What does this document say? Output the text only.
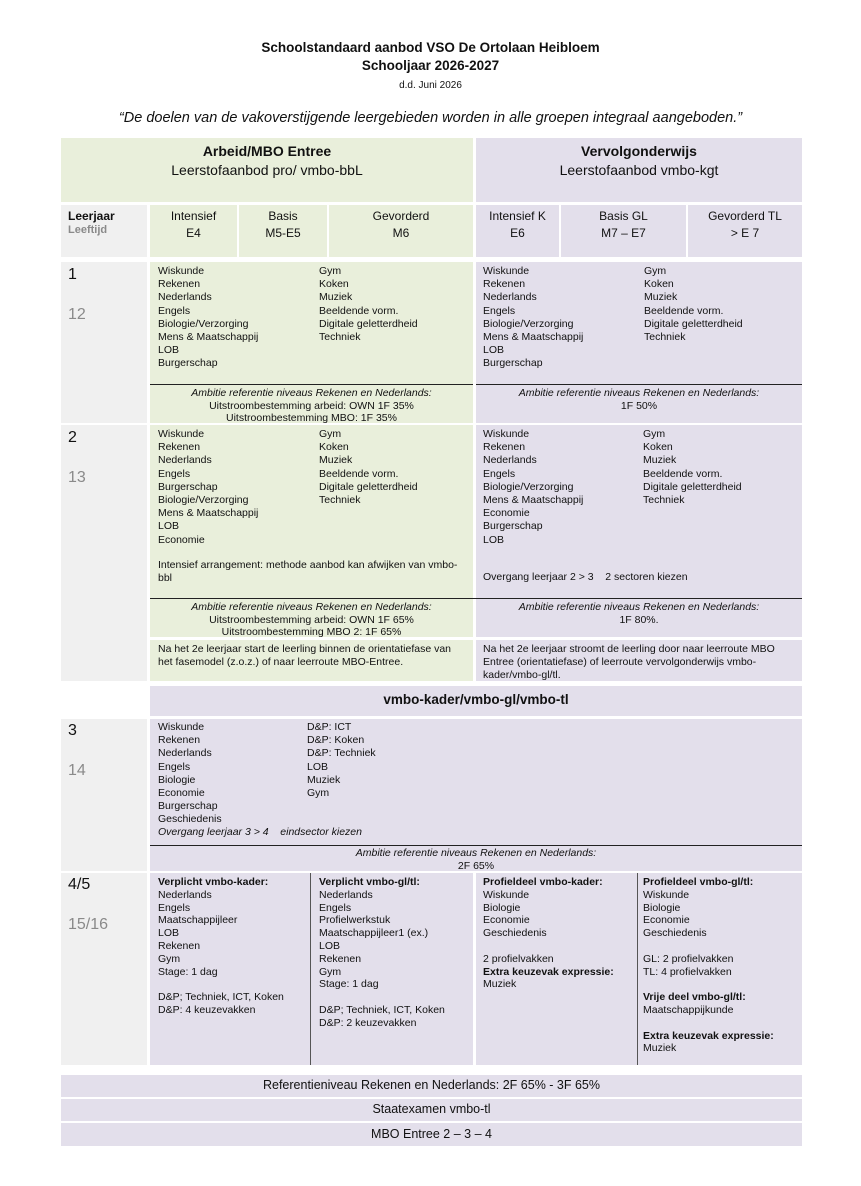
Schoolstandaard aanbod VSO De Ortolaan Heibloem
Schooljaar 2026-2027
d.d. Juni 2026
“De doelen van de vakoverstijgende leergebieden worden in alle groepen integraal aangeboden.”
Arbeid/MBO Entree
Leerstofaanbod pro/ vmbo-bbL
Vervolgonderwijs
Leerstofaanbod vmbo-kgt
Leerjaar
Leeftijd
Intensief
E4
Basis
M5-E5
Gevorderd
M6
Intensief K
E6
Basis GL
M7 – E7
Gevorderd TL
> E 7
1
12
Wiskunde
Rekenen
Nederlands
Engels
Biologie/Verzorging
Mens & Maatschappij
LOB
Burgerschap
Gym
Koken
Muziek
Beeldende vorm.
Digitale geletterdheid
Techniek
Ambitie referentie niveaus Rekenen en Nederlands:
Uitstroombestemming arbeid: OWN 1F 35%
Uitstroombestemming MBO: 1F 35%
Wiskunde
Rekenen
Nederlands
Engels
Biologie/Verzorging
Mens & Maatschappij
LOB
Burgerschap
Gym
Koken
Muziek
Beeldende vorm.
Digitale geletterdheid
Techniek
Ambitie referentie niveaus Rekenen en Nederlands:
1F 50%
2
13
Wiskunde
Rekenen
Nederlands
Engels
Burgerschap
Biologie/Verzorging
Mens & Maatschappij
LOB
Economie
Gym
Koken
Muziek
Beeldende vorm.
Digitale geletterdheid
Techniek
Intensief arrangement: methode aanbod kan afwijken van vmbo-bbl
Wiskunde
Rekenen
Nederlands
Engels
Biologie/Verzorging
Mens & Maatschappij
Economie
Burgerschap
LOB
Gym
Koken
Muziek
Beeldende vorm.
Digitale geletterdheid
Techniek
Overgang leerjaar 2 > 3    2 sectoren kiezen
Ambitie referentie niveaus Rekenen en Nederlands:
Uitstroombestemming arbeid: OWN 1F 65%
Uitstroombestemming MBO 2: 1F 65%
Ambitie referentie niveaus Rekenen en Nederlands:
1F 80%.
Na het 2e leerjaar start de leerling binnen de orientatiefase van het fasemodel (z.o.z.) of naar leerroute MBO-Entree.
Na het 2e leerjaar stroomt de leerling door naar leerroute MBO Entree (orientatiefase) of leerroute vervolgonderwijs vmbo-kader/vmbo-gl/tl.
vmbo-kader/vmbo-gl/vmbo-tl
3
14
Wiskunde
Rekenen
Nederlands
Engels
Biologie
Economie
Burgerschap
Geschiedenis
D&P: ICT
D&P: Koken
D&P: Techniek
LOB
Muziek
Gym
Overgang leerjaar 3 > 4    eindsector kiezen
Ambitie referentie niveaus Rekenen en Nederlands:
2F 65%
4/5
15/16
Verplicht vmbo-kader:
Nederlands
Engels
Maatschappijleer
LOB
Rekenen
Gym
Stage: 1 dag
D&P; Techniek, ICT, Koken
D&P: 4 keuzevakken
Verplicht vmbo-gl/tl:
Nederlands
Engels
Profielwerkstuk
Maatschappijleer1 (ex.)
LOB
Rekenen
Gym
Stage: 1 dag
D&P; Techniek, ICT, Koken
D&P: 2 keuzevakken
Profieldeel vmbo-kader:
Wiskunde
Biologie
Economie
Geschiedenis
2 profielvakken
Extra keuzevak expressie:
Muziek
Profieldeel vmbo-gl/tl:
Wiskunde
Biologie
Economie
Geschiedenis
GL: 2 profielvakken
TL: 4 profielvakken
Vrije deel vmbo-gl/tl:
Maatschappijkunde
Extra keuzevak expressie:
Muziek
Referentieniveau Rekenen en Nederlands: 2F 65% - 3F 65%
Staatexamen vmbo-tl
MBO Entree 2 – 3 – 4
